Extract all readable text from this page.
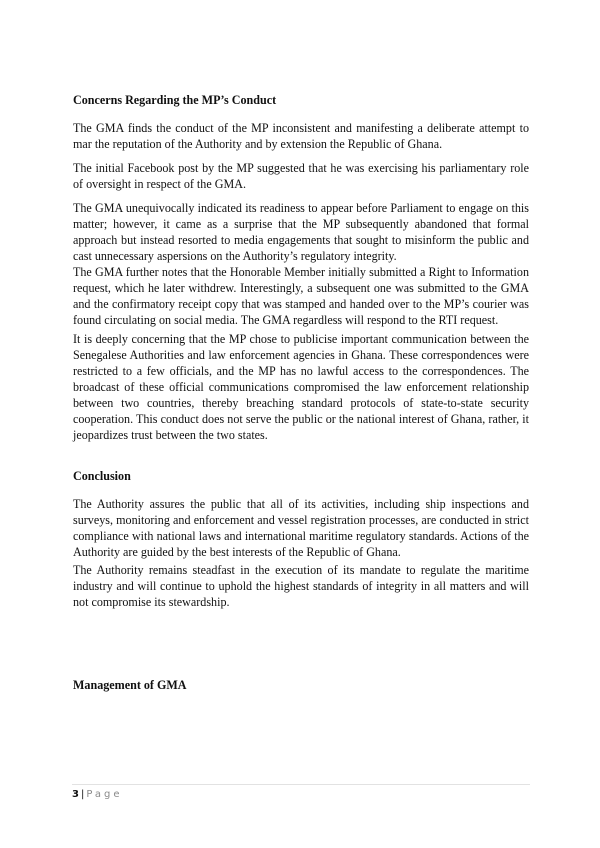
Concerns Regarding the MP’s Conduct

The GMA finds the conduct of the MP inconsistent and manifesting a deliberate attempt to mar the reputation of the Authority and by extension the Republic of Ghana.

The initial Facebook post by the MP suggested that he was exercising his parliamentary role of oversight in respect of the GMA.

The GMA unequivocally indicated its readiness to appear before Parliament to engage on this matter; however, it came as a surprise that the MP subsequently abandoned that formal approach but instead resorted to media engagements that sought to misinform the public and cast unnecessary aspersions on the Authority’s regulatory integrity.

The GMA further notes that the Honorable Member initially submitted a Right to Information request, which he later withdrew. Interestingly, a subsequent one was submitted to the GMA and the confirmatory receipt copy that was stamped and handed over to the MP’s courier was found circulating on social media. The GMA regardless will respond to the RTI request.

It is deeply concerning that the MP chose to publicise important communication between the Senegalese Authorities and law enforcement agencies in Ghana. These correspondences were restricted to a few officials, and the MP has no lawful access to the correspondences. The broadcast of these official communications compromised the law enforcement relationship between two countries, thereby breaching standard protocols of state-to-state security cooperation. This conduct does not serve the public or the national interest of Ghana, rather, it jeopardizes trust between the two states.

Conclusion

The Authority assures the public that all of its activities, including ship inspections and surveys, monitoring and enforcement and vessel registration processes, are conducted in strict compliance with national laws and international maritime regulatory standards. Actions of the Authority are guided by the best interests of the Republic of Ghana.

The Authority remains steadfast in the execution of its mandate to regulate the maritime industry and will continue to uphold the highest standards of integrity in all matters and will not compromise its stewardship.

Management of GMA
3 | Page
